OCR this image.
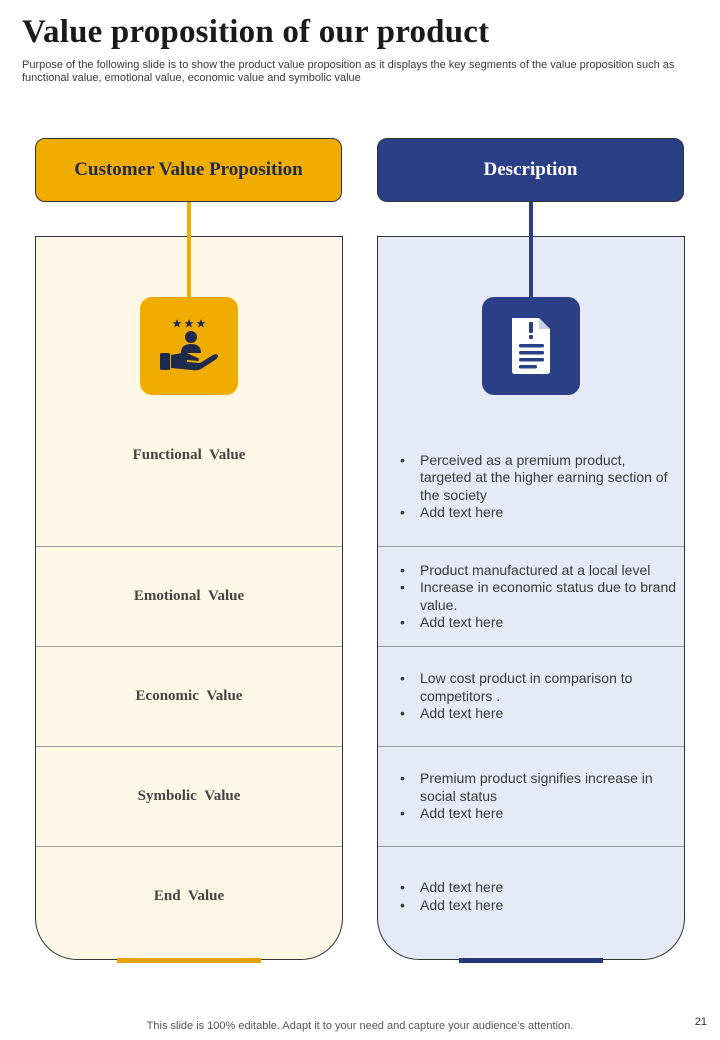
Value proposition of our product

Purpose of the following slide is to show the product value proposition as it displays the key segments of the value proposition such as functional value, emotional value, economic value and symbolic value

Customer Value Proposition	Description
Functional Value
Emotional Value
Economic Value
Symbolic Value
End Value
• Perceived as a premium product, targeted at the higher earning section of the society
• Add text here
• Product manufactured at a local level
• Increase in economic status due to brand value.
• Add text here
• Low cost product in comparison to competitors .
• Add text here
• Premium product signifies increase in social status
• Add text here
• Add text here
• Add text here
This slide is 100% editable. Adapt it to your need and capture your audience’s attention.	21
